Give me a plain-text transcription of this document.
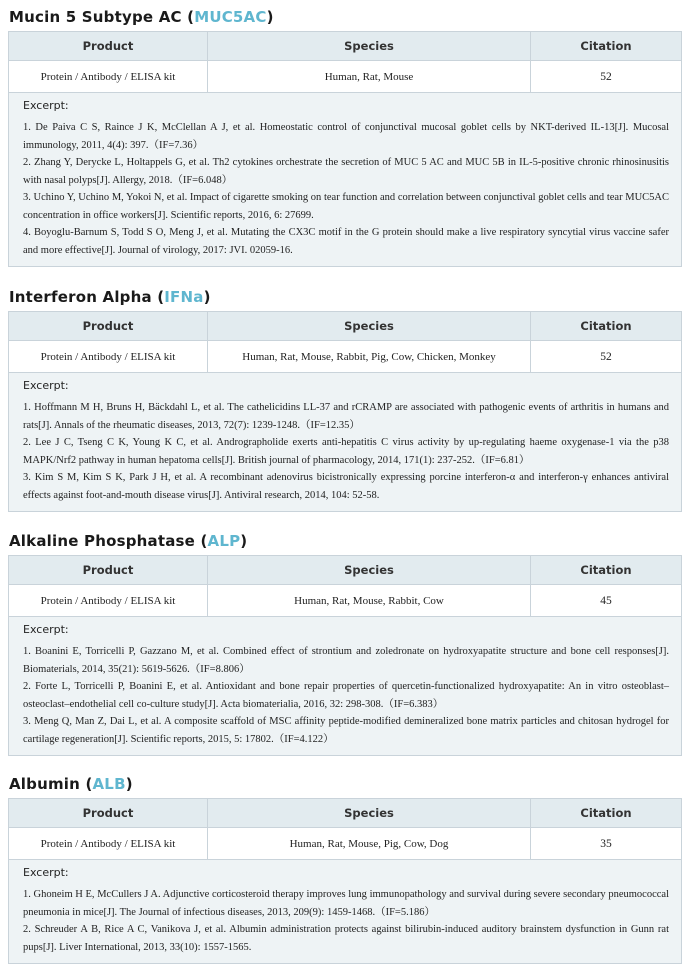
Mucin 5 Subtype AC (MUC5AC)
Product	Species	Citation
Protein / Antibody / ELISA kit	Human, Rat, Mouse	52
Excerpt:
1. De Paiva C S, Raince J K, McClellan A J, et al. Homeostatic control of conjunctival mucosal goblet cells by NKT-derived IL-13[J]. Mucosal immunology, 2011, 4(4): 397.（IF=7.36）
2. Zhang Y, Derycke L, Holtappels G, et al. Th2 cytokines orchestrate the secretion of MUC 5 AC and MUC 5B in IL-5-positive chronic rhinosinusitis with nasal polyps[J]. Allergy, 2018.（IF=6.048）
3. Uchino Y, Uchino M, Yokoi N, et al. Impact of cigarette smoking on tear function and correlation between conjunctival goblet cells and tear MUC5AC concentration in office workers[J]. Scientific reports, 2016, 6: 27699.
4. Boyoglu-Barnum S, Todd S O, Meng J, et al. Mutating the CX3C motif in the G protein should make a live respiratory syncytial virus vaccine safer and more effective[J]. Journal of virology, 2017: JVI. 02059-16.
Interferon Alpha (IFNa)
Product	Species	Citation
Protein / Antibody / ELISA kit	Human, Rat, Mouse, Rabbit, Pig, Cow, Chicken, Monkey	52
Excerpt:
1. Hoffmann M H, Bruns H, Bäckdahl L, et al. The cathelicidins LL-37 and rCRAMP are associated with pathogenic events of arthritis in humans and rats[J]. Annals of the rheumatic diseases, 2013, 72(7): 1239-1248.（IF=12.35）
2. Lee J C, Tseng C K, Young K C, et al. Andrographolide exerts anti-hepatitis C virus activity by up-regulating haeme oxygenase-1 via the p38 MAPK/Nrf2 pathway in human hepatoma cells[J]. British journal of pharmacology, 2014, 171(1): 237-252.（IF=6.81）
3. Kim S M, Kim S K, Park J H, et al. A recombinant adenovirus bicistronically expressing porcine interferon-α and interferon-γ enhances antiviral effects against foot-and-mouth disease virus[J]. Antiviral research, 2014, 104: 52-58.
Alkaline Phosphatase (ALP)
Product	Species	Citation
Protein / Antibody / ELISA kit	Human, Rat, Mouse, Rabbit, Cow	45
Excerpt:
1. Boanini E, Torricelli P, Gazzano M, et al. Combined effect of strontium and zoledronate on hydroxyapatite structure and bone cell responses[J]. Biomaterials, 2014, 35(21): 5619-5626.（IF=8.806）
2. Forte L, Torricelli P, Boanini E, et al. Antioxidant and bone repair properties of quercetin-functionalized hydroxyapatite: An in vitro osteoblast–osteoclast–endothelial cell co-culture study[J]. Acta biomaterialia, 2016, 32: 298-308.（IF=6.383）
3. Meng Q, Man Z, Dai L, et al. A composite scaffold of MSC affinity peptide-modified demineralized bone matrix particles and chitosan hydrogel for cartilage regeneration[J]. Scientific reports, 2015, 5: 17802.（IF=4.122）
Albumin (ALB)
Product	Species	Citation
Protein / Antibody / ELISA kit	Human, Rat, Mouse, Pig, Cow, Dog	35
Excerpt:
1. Ghoneim H E, McCullers J A. Adjunctive corticosteroid therapy improves lung immunopathology and survival during severe secondary pneumococcal pneumonia in mice[J]. The Journal of infectious diseases, 2013, 209(9): 1459-1468.（IF=5.186）
2. Schreuder A B, Rice A C, Vanikova J, et al. Albumin administration protects against bilirubin-induced auditory brainstem dysfunction in Gunn rat pups[J]. Liver International, 2013, 33(10): 1557-1565.
